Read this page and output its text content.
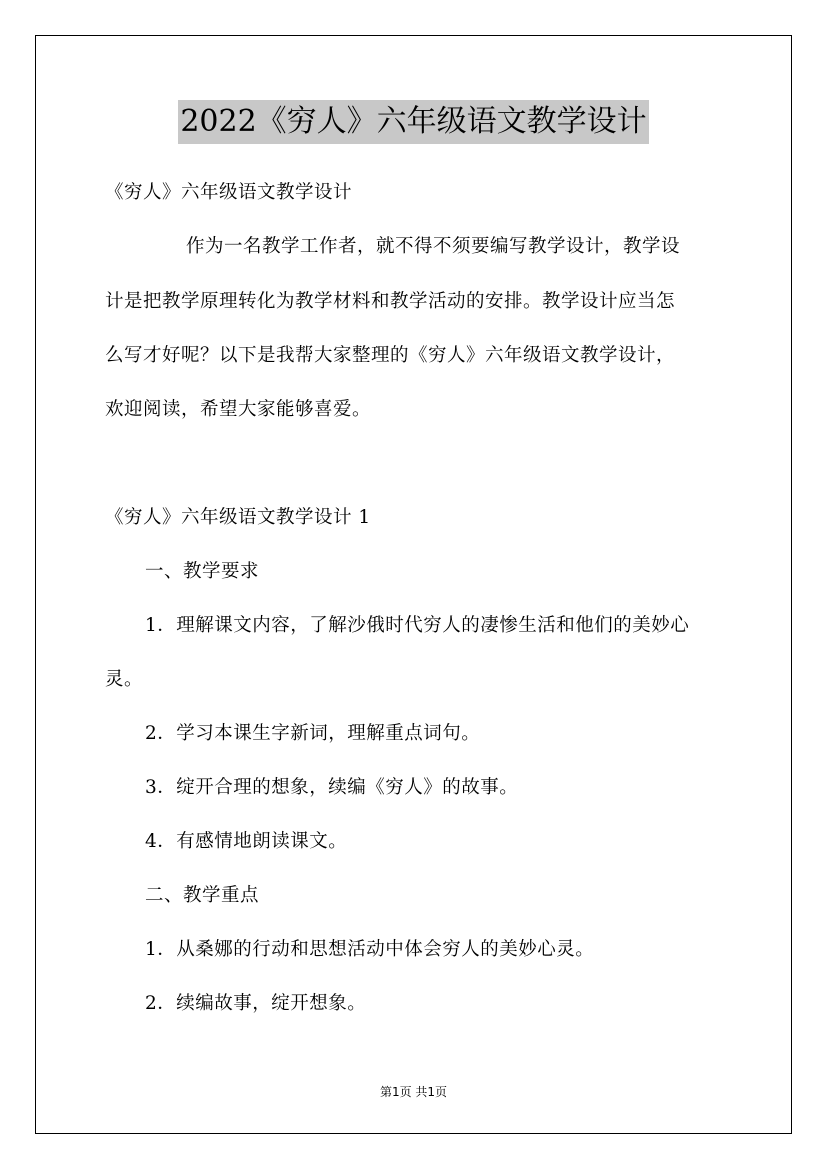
2022《穷人》六年级语文教学设计
《穷人》六年级语文教学设计
作为一名教学工作者，就不得不须要编写教学设计，教学设
计是把教学原理转化为教学材料和教学活动的安排。教学设计应当怎
么写才好呢？以下是我帮大家整理的《穷人》六年级语文教学设计，
欢迎阅读，希望大家能够喜爱。
《穷人》六年级语文教学设计 1
一、教学要求
1．理解课文内容，了解沙俄时代穷人的凄惨生活和他们的美妙心
灵。
2．学习本课生字新词，理解重点词句。
3．绽开合理的想象，续编《穷人》的故事。
4．有感情地朗读课文。
二、教学重点
1．从桑娜的行动和思想活动中体会穷人的美妙心灵。
2．续编故事，绽开想象。
第1页 共1页
